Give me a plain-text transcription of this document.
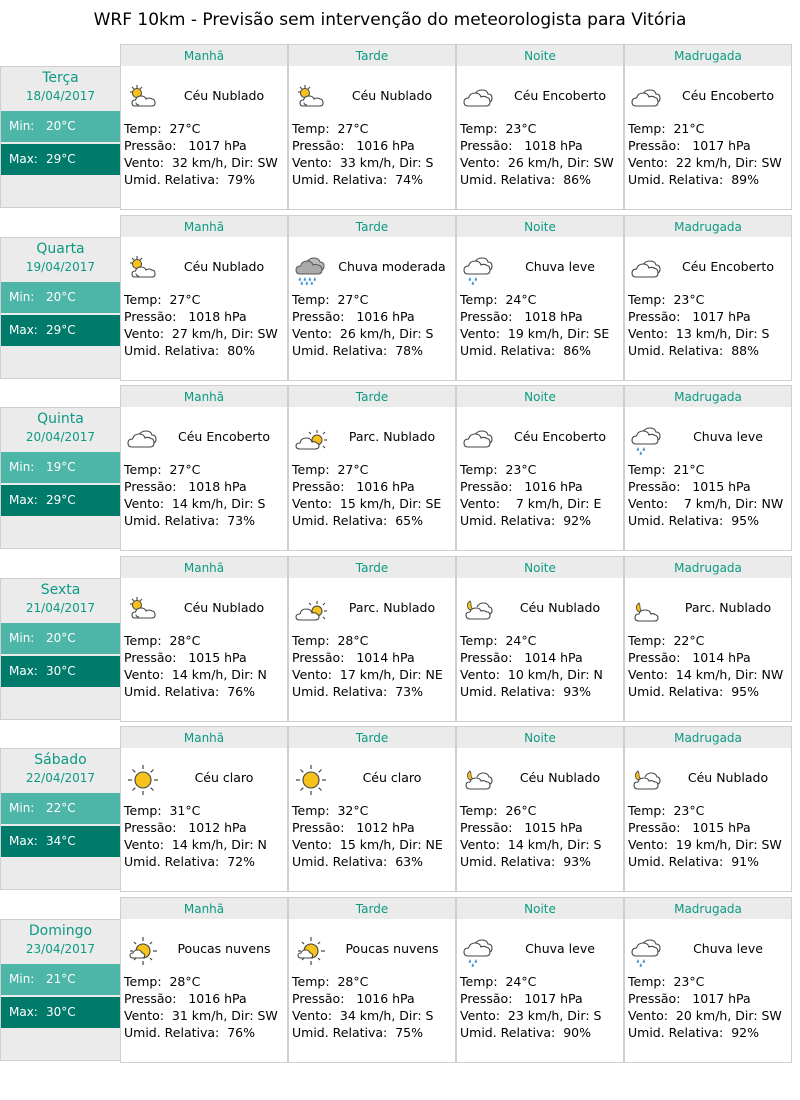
WRF 10km - Previsão sem intervenção do meteorologista para Vitória
Terça
18/04/2017
Min: 20°C
Max: 29°C
Manhã
Céu Nublado
Temp: 27°C
Pressão: 1017 hPa
Vento: 32 km/h, Dir: SW
Umid. Relativa: 79%
Tarde
Céu Nublado
Temp: 27°C
Pressão: 1016 hPa
Vento: 33 km/h, Dir: S
Umid. Relativa: 74%
Noite
Céu Encoberto
Temp: 23°C
Pressão: 1018 hPa
Vento: 26 km/h, Dir: SW
Umid. Relativa: 86%
Madrugada
Céu Encoberto
Temp: 21°C
Pressão: 1017 hPa
Vento: 22 km/h, Dir: SW
Umid. Relativa: 89%
Quarta
19/04/2017
Min: 20°C
Max: 29°C
Manhã
Céu Nublado
Temp: 27°C
Pressão: 1018 hPa
Vento: 27 km/h, Dir: SW
Umid. Relativa: 80%
Tarde
Chuva moderada
Temp: 27°C
Pressão: 1016 hPa
Vento: 26 km/h, Dir: S
Umid. Relativa: 78%
Noite
Chuva leve
Temp: 24°C
Pressão: 1018 hPa
Vento: 19 km/h, Dir: SE
Umid. Relativa: 86%
Madrugada
Céu Encoberto
Temp: 23°C
Pressão: 1017 hPa
Vento: 13 km/h, Dir: S
Umid. Relativa: 88%
Quinta
20/04/2017
Min: 19°C
Max: 29°C
Manhã
Céu Encoberto
Temp: 27°C
Pressão: 1018 hPa
Vento: 14 km/h, Dir: S
Umid. Relativa: 73%
Tarde
Parc. Nublado
Temp: 27°C
Pressão: 1016 hPa
Vento: 15 km/h, Dir: SE
Umid. Relativa: 65%
Noite
Céu Encoberto
Temp: 23°C
Pressão: 1016 hPa
Vento:    7 km/h, Dir: E
Umid. Relativa: 92%
Madrugada
Chuva leve
Temp: 21°C
Pressão: 1015 hPa
Vento:    7 km/h, Dir: NW
Umid. Relativa: 95%
Sexta
21/04/2017
Min: 20°C
Max: 30°C
Manhã
Céu Nublado
Temp: 28°C
Pressão: 1015 hPa
Vento: 14 km/h, Dir: N
Umid. Relativa: 76%
Tarde
Parc. Nublado
Temp: 28°C
Pressão: 1014 hPa
Vento: 17 km/h, Dir: NE
Umid. Relativa: 73%
Noite
Céu Nublado
Temp: 24°C
Pressão: 1014 hPa
Vento: 10 km/h, Dir: N
Umid. Relativa: 93%
Madrugada
Parc. Nublado
Temp: 22°C
Pressão: 1014 hPa
Vento: 14 km/h, Dir: NW
Umid. Relativa: 95%
Sábado
22/04/2017
Min: 22°C
Max: 34°C
Manhã
Céu claro
Temp: 31°C
Pressão: 1012 hPa
Vento: 14 km/h, Dir: N
Umid. Relativa: 72%
Tarde
Céu claro
Temp: 32°C
Pressão: 1012 hPa
Vento: 15 km/h, Dir: NE
Umid. Relativa: 63%
Noite
Céu Nublado
Temp: 26°C
Pressão: 1015 hPa
Vento: 14 km/h, Dir: S
Umid. Relativa: 93%
Madrugada
Céu Nublado
Temp: 23°C
Pressão: 1015 hPa
Vento: 19 km/h, Dir: SW
Umid. Relativa: 91%
Domingo
23/04/2017
Min: 21°C
Max: 30°C
Manhã
Poucas nuvens
Temp: 28°C
Pressão: 1016 hPa
Vento: 31 km/h, Dir: SW
Umid. Relativa: 76%
Tarde
Poucas nuvens
Temp: 28°C
Pressão: 1016 hPa
Vento: 34 km/h, Dir: S
Umid. Relativa: 75%
Noite
Chuva leve
Temp: 24°C
Pressão: 1017 hPa
Vento: 23 km/h, Dir: S
Umid. Relativa: 90%
Madrugada
Chuva leve
Temp: 23°C
Pressão: 1017 hPa
Vento: 20 km/h, Dir: SW
Umid. Relativa: 92%
